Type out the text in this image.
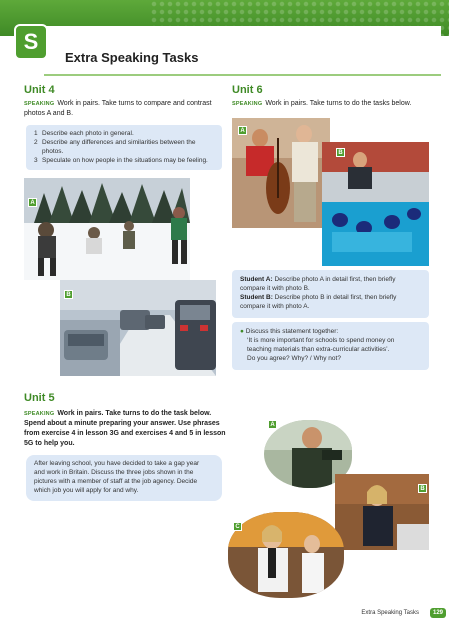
S
Extra Speaking Tasks
Unit 4
SPEAKING Work in pairs. Take turns to compare and contrast
photos A and B.
1 Describe each photo in general.
2 Describe any differences and similarities between the
photos.
3 Speculate on how people in the situations may be feeling.
A
B
Unit 5
SPEAKING Work in pairs. Take turns to do the task below.
Spend about a minute preparing your answer. Use phrases
from exercise 4 in lesson 3G and exercises 4 and 5 in lesson
5G to help you.
After leaving school, you have decided to take a gap year
and work in Britain. Discuss the three jobs shown in the
pictures with a member of staff at the job agency. Decide
which job you will apply for and why.
A
B
C
Unit 6
SPEAKING Work in pairs. Take turns to do the tasks below.
A
B
Student A: Describe photo A in detail first, then briefly
compare it with photo B.
Student B: Describe photo B in detail first, then briefly
compare it with photo A.
● Discuss this statement together:
‘It is more important for schools to spend money on
teaching materials than extra-curricular activities’.
Do you agree? Why? / Why not?
Extra Speaking Tasks	129
